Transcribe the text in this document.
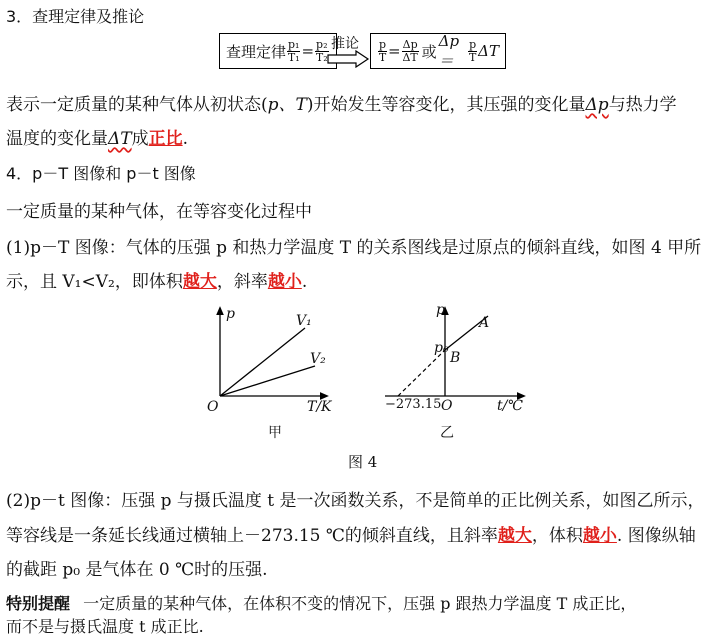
3．查理定律及推论
查理定律 $\frac{\text{p₁}}{\text{T₁}} = \frac{\text{p₂}}{\text{T₂}}$ 推论 $\frac{p}{T} = \frac{\Delta p}{\Delta T}$ 或
Δp＝	$\frac{p}{T}$ ΔT
表示一定质量的某种气体从初状态(p、T)开始发生等容变化，其压强的变化量Δp与热力学
温度的变化量ΔT成正比.
4．p－T 图像和 p－t 图像
一定质量的某种气体，在等容变化过程中
(1)p－T 图像：气体的压强 p 和热力学温度 T 的关系图线是过原点的倾斜直线，如图 4 甲所
示，且 V₁<V₂，即体积越大，斜率越小.
p	V₁
V₂
O	T/K
甲
p
A
p₀
B
−273.15 O	t/℃
乙
图 4
(2)p－t 图像：压强 p 与摄氏温度 t 是一次函数关系，不是简单的正比例关系，如图乙所示，
等容线是一条延长线通过横轴上－273.15 ℃的倾斜直线，且斜率越大，体积越小. 图像纵轴
的截距 p₀ 是气体在 0 ℃时的压强.
特别提醒 一定质量的某种气体，在体积不变的情况下，压强 p 跟热力学温度 T 成正比，
而不是与摄氏温度 t 成正比.
